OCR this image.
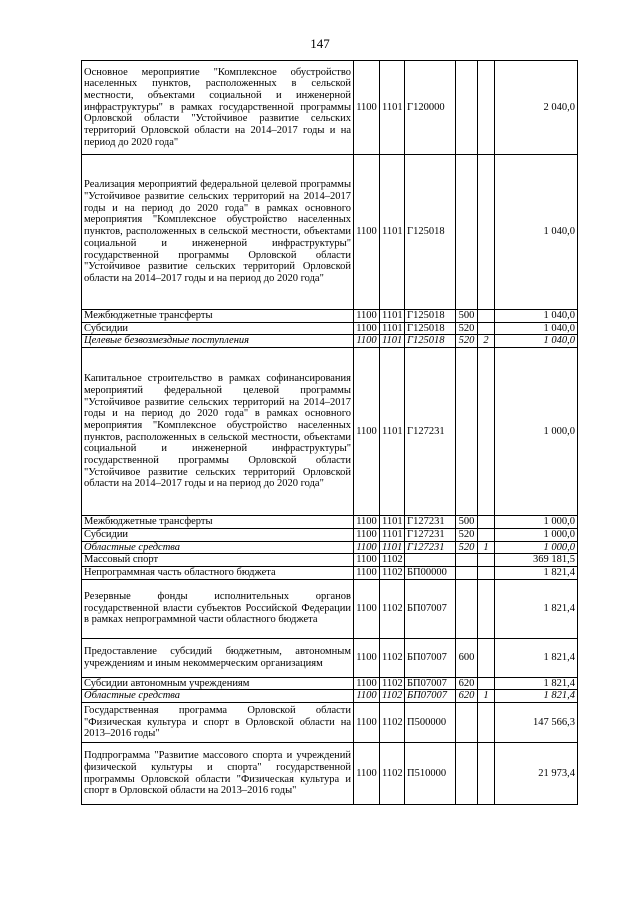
147
Основное мероприятие "Комплексное обустройство населенных пунктов, расположенных в сельской местности, объектами социальной и инженерной инфраструктуры" в рамках государственной программы Орловской области "Устойчивое развитие сельских территорий Орловской области на 2014–2017 годы и на период до 2020 года"	1100	1101	Г120000			2 040,0
Реализация мероприятий федеральной целевой программы "Устойчивое развитие сельских территорий на 2014–2017 годы и на период до 2020 года" в рамках основного мероприятия "Комплексное обустройство населенных пунктов, расположенных в сельской местности, объектами социальной и инженерной инфраструктуры" государственной программы Орловской области "Устойчивое развитие сельских территорий Орловской области на 2014–2017 годы и на период до 2020 года"	1100	1101	Г125018			1 040,0
Межбюджетные трансферты	1100	1101	Г125018	500		1 040,0
Субсидии	1100	1101	Г125018	520		1 040,0
Целевые безвозмездные поступления	1100	1101	Г125018	520	2	1 040,0
Капитальное строительство в рамках софинансирования мероприятий федеральной целевой программы "Устойчивое развитие сельских территорий на 2014–2017 годы и на период до 2020 года" в рамках основного мероприятия "Комплексное обустройство населенных пунктов, расположенных в сельской местности, объектами социальной и инженерной инфраструктуры" государственной программы Орловской области "Устойчивое развитие сельских территорий Орловской области на 2014–2017 годы и на период до 2020 года"	1100	1101	Г127231			1 000,0
Межбюджетные трансферты	1100	1101	Г127231	500		1 000,0
Субсидии	1100	1101	Г127231	520		1 000,0
Областные средства	1100	1101	Г127231	520	1	1 000,0
Массовый спорт	1100	1102				369 181,5
Непрограммная часть областного бюджета	1100	1102	БП00000			1 821,4
Резервные фонды исполнительных органов государственной власти субъектов Российской Федерации в рамках непрограммной части областного бюджета	1100	1102	БП07007			1 821,4
Предоставление субсидий бюджетным, автономным учреждениям и иным некоммерческим организациям	1100	1102	БП07007	600		1 821,4
Субсидии автономным учреждениям	1100	1102	БП07007	620		1 821,4
Областные средства	1100	1102	БП07007	620	1	1 821,4
Государственная программа Орловской области "Физическая культура и спорт в Орловской области на 2013–2016 годы"	1100	1102	П500000			147 566,3
Подпрограмма "Развитие массового спорта и учреждений физической культуры и спорта" государственной программы Орловской области "Физическая культура и спорт в Орловской области на 2013–2016 годы"	1100	1102	П510000			21 973,4
